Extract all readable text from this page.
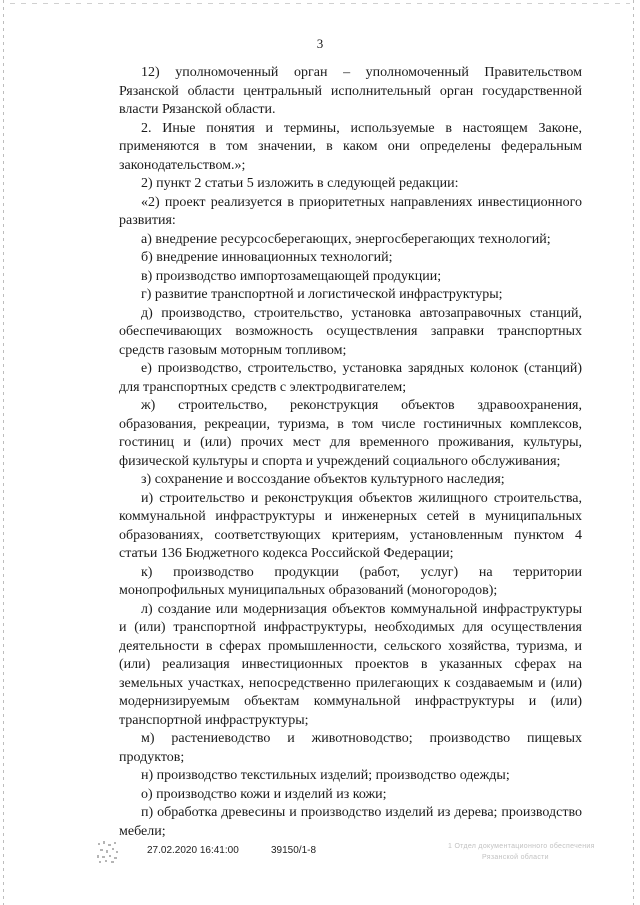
3

12) уполномоченный орган – уполномоченный Правительством Рязанской области центральный исполнительный орган государственной власти Рязанской области.

2. Иные понятия и термины, используемые в настоящем Законе, применяются в том значении, в каком они определены федеральным законодательством.»;

2) пункт 2 статьи 5 изложить в следующей редакции:

«2) проект реализуется в приоритетных направлениях инвестиционного развития:

а) внедрение ресурсосберегающих, энергосберегающих технологий;

б) внедрение инновационных технологий;

в) производство импортозамещающей продукции;

г) развитие транспортной и логистической инфраструктуры;

д) производство, строительство, установка автозаправочных станций, обеспечивающих возможность осуществления заправки транспортных средств газовым моторным топливом;

е) производство, строительство, установка зарядных колонок (станций) для транспортных средств с электродвигателем;

ж) строительство, реконструкция объектов здравоохранения, образования, рекреации, туризма, в том числе гостиничных комплексов, гостиниц и (или) прочих мест для временного проживания, культуры, физической культуры и спорта и учреждений социального обслуживания;

з) сохранение и воссоздание объектов культурного наследия;

и) строительство и реконструкция объектов жилищного строительства, коммунальной инфраструктуры и инженерных сетей в муниципальных образованиях, соответствующих критериям, установленным пунктом 4 статьи 136 Бюджетного кодекса Российской Федерации;

к) производство продукции (работ, услуг) на территории монопрофильных муниципальных образований (моногородов);

л) создание или модернизация объектов коммунальной инфраструктуры и (или) транспортной инфраструктуры, необходимых для осуществления деятельности в сферах промышленности, сельского хозяйства, туризма, и (или) реализация инвестиционных проектов в указанных сферах на земельных участках, непосредственно прилегающих к создаваемым и (или) модернизируемым объектам коммунальной инфраструктуры и (или) транспортной инфраструктуры;

м) растениеводство и животноводство; производство пищевых продуктов;

н) производство текстильных изделий; производство одежды;

о) производство кожи и изделий из кожи;

п) обработка древесины и производство изделий из дерева; производство мебели;

27.02.2020 16:41:00	39150/1-8	1 Отдел документационного обеспечения
Рязанской области
